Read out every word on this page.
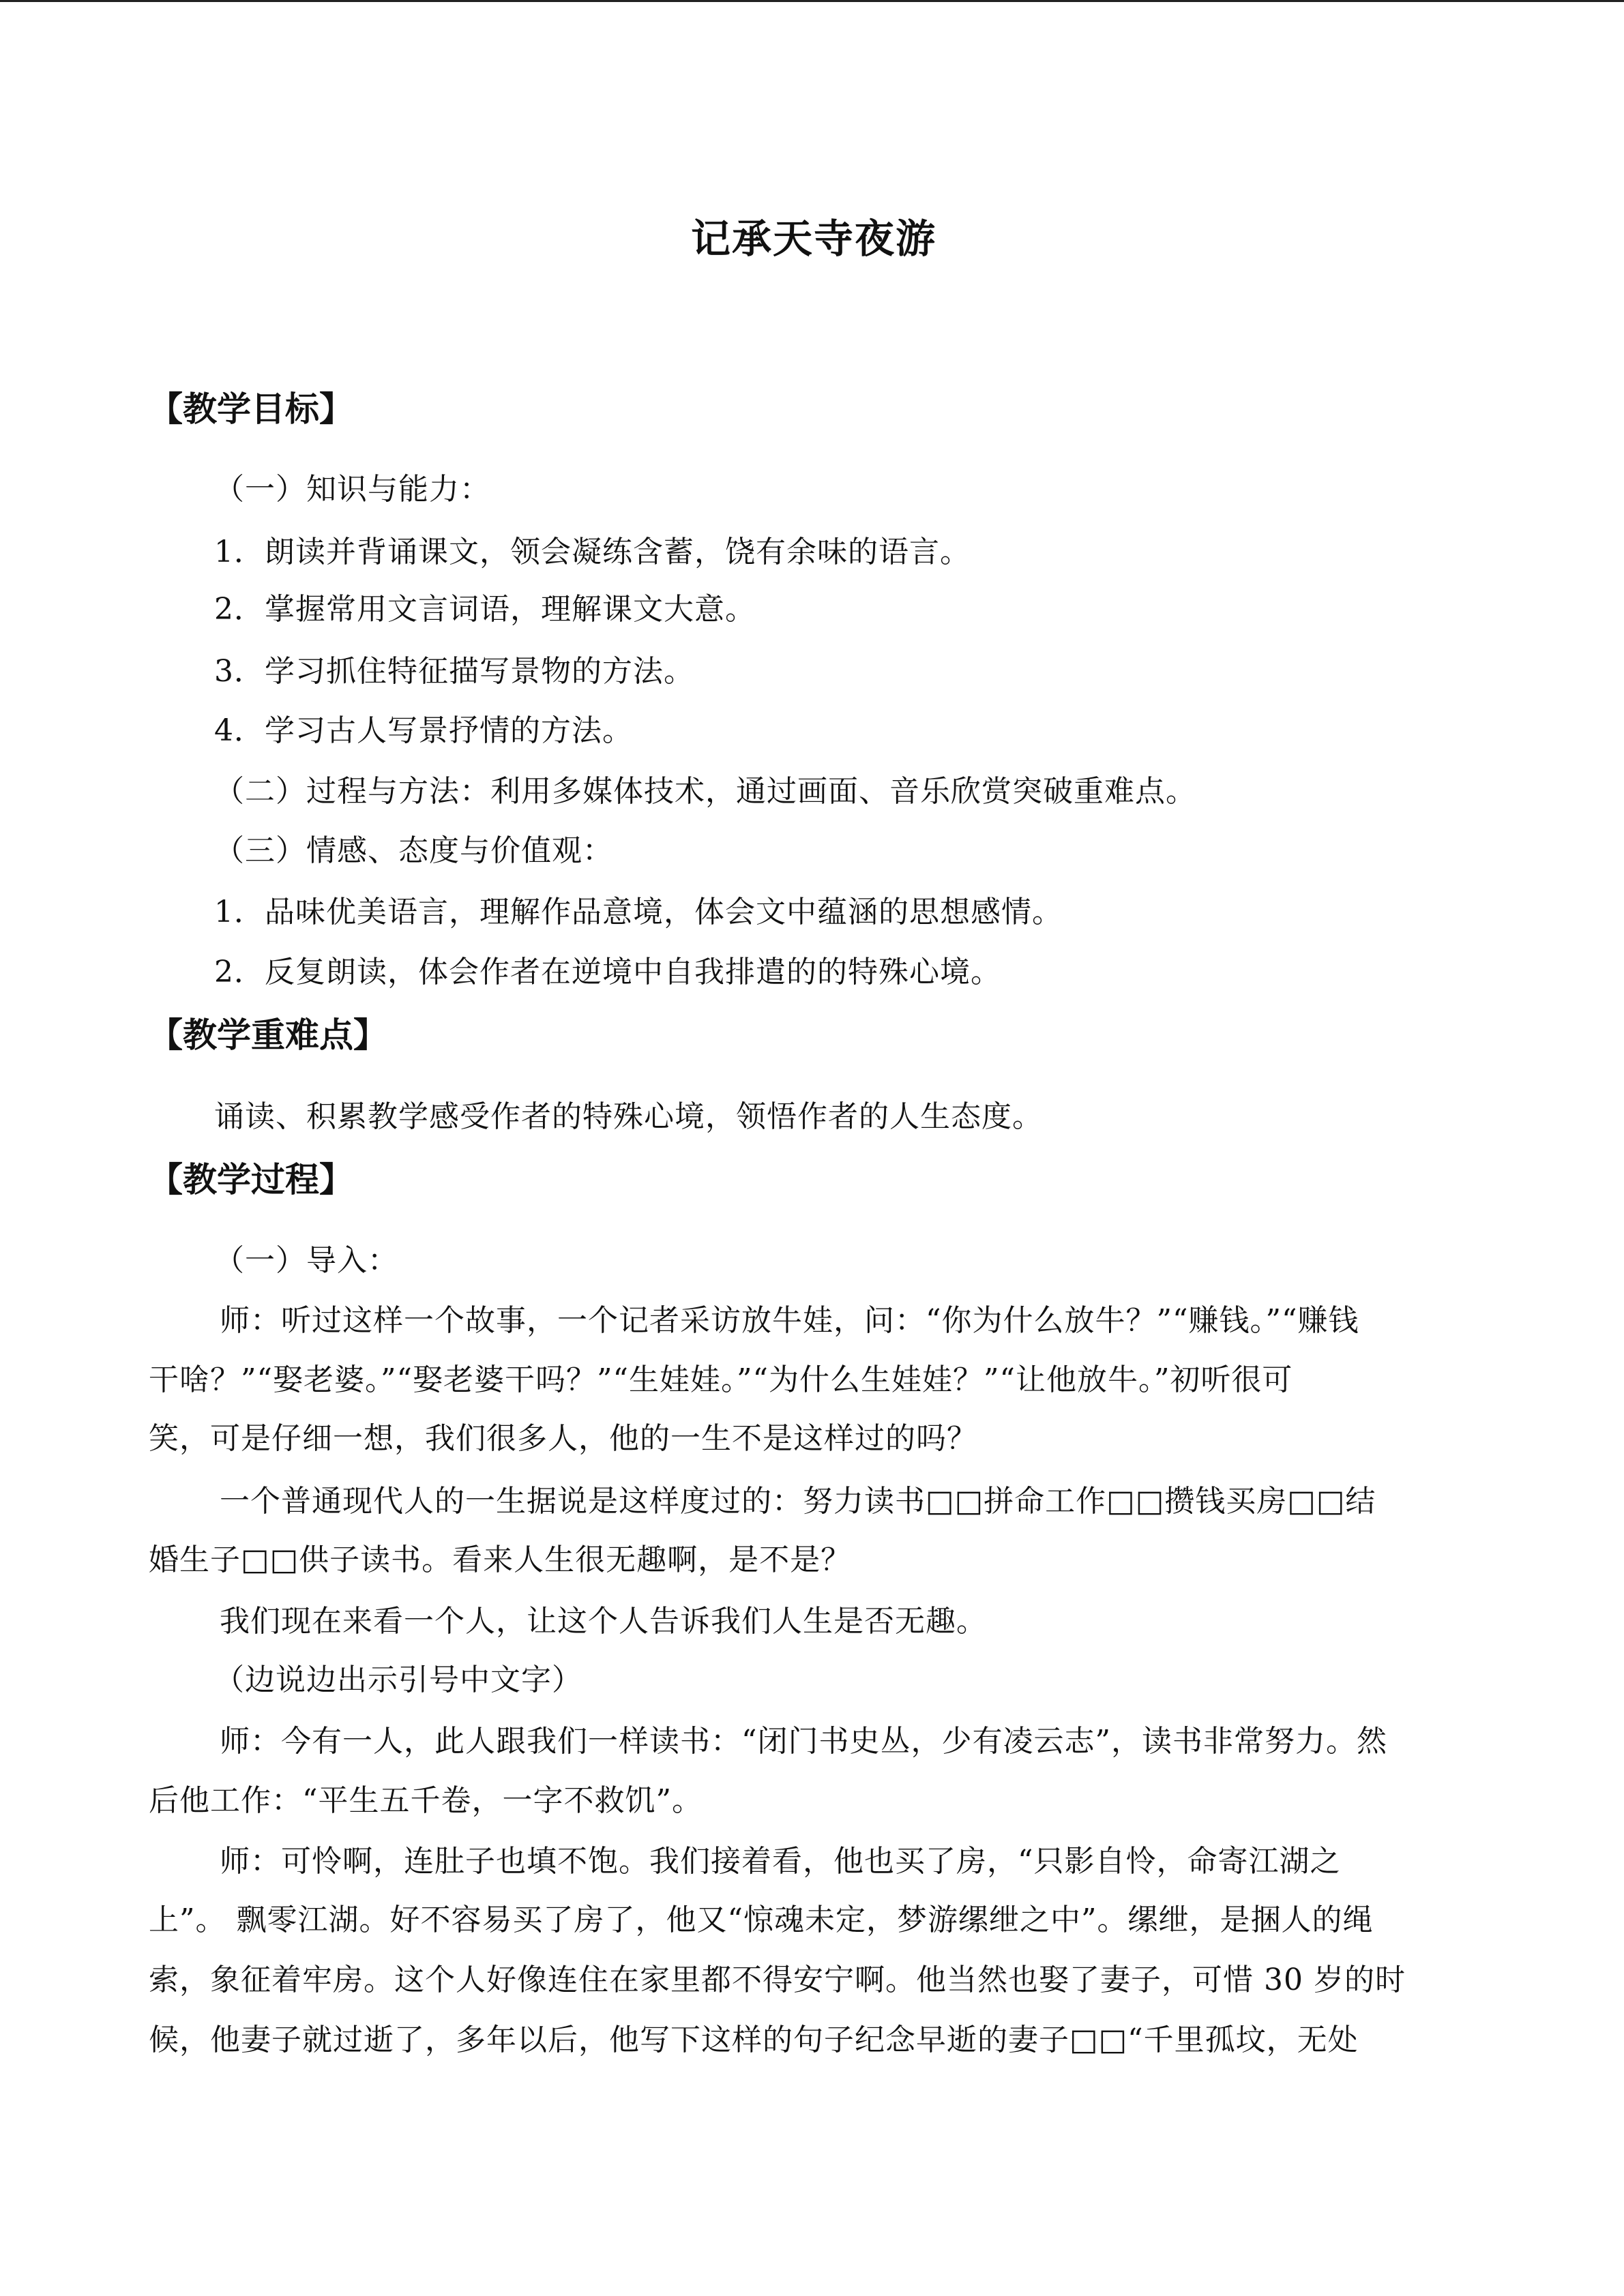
记承天寺夜游
【教学目标】
（一）知识与能力：
1．朗读并背诵课文，领会凝练含蓄，饶有余味的语言。
2．掌握常用文言词语，理解课文大意。
3．学习抓住特征描写景物的方法。
4．学习古人写景抒情的方法。
（二）过程与方法：利用多媒体技术，通过画面、音乐欣赏突破重难点。
（三）情感、态度与价值观：
1．品味优美语言，理解作品意境，体会文中蕴涵的思想感情。
2．反复朗读，体会作者在逆境中自我排遣的的特殊心境。
【教学重难点】
诵读、积累教学感受作者的特殊心境，领悟作者的人生态度。
【教学过程】
（一）导入：
师：听过这样一个故事，一个记者采访放牛娃，问：“你为什么放牛？”“赚钱。”“赚钱
干啥？”“娶老婆。”“娶老婆干吗？”“生娃娃。”“为什么生娃娃？”“让他放牛。”初听很可
笑，可是仔细一想，我们很多人，他的一生不是这样过的吗？
一个普通现代人的一生据说是这样度过的：努力读书□□拼命工作□□攒钱买房□□结
婚生子□□供子读书。看来人生很无趣啊，是不是？
我们现在来看一个人，让这个人告诉我们人生是否无趣。
（边说边出示引号中文字）
师：今有一人，此人跟我们一样读书：“闭门书史丛，少有凌云志”，读书非常努力。然
后他工作：“平生五千卷，一字不救饥”。
师：可怜啊，连肚子也填不饱。我们接着看，他也买了房，“只影自怜，命寄江湖之
上”。 飘零江湖。好不容易买了房了，他又“惊魂未定，梦游缧绁之中”。缧绁，是捆人的绳
索，象征着牢房。这个人好像连住在家里都不得安宁啊。他当然也娶了妻子，可惜 30 岁的时
候，他妻子就过逝了，多年以后，他写下这样的句子纪念早逝的妻子□□“千里孤坟，无处
